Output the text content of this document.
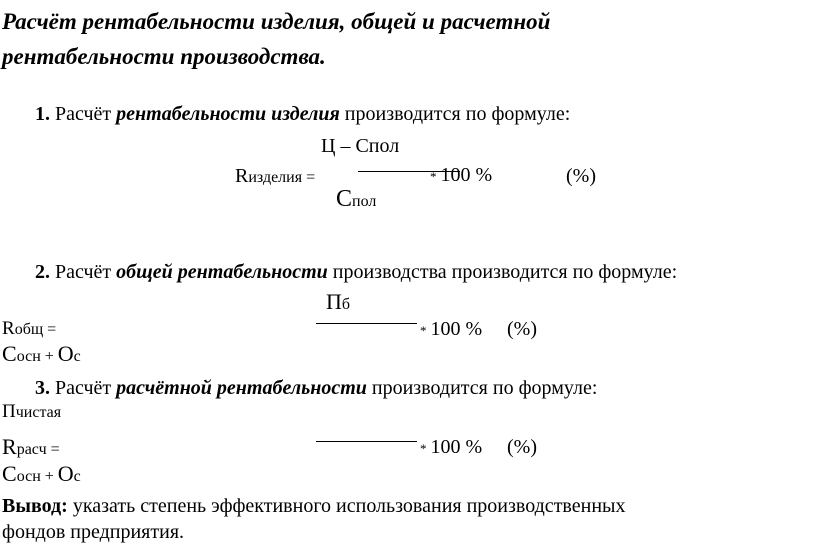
Расчёт рентабельности изделия, общей и расчетной
рентабельности производства.
1. Расчёт рентабельности изделия производится по формуле:
Ц – Спол
Rизделия =	* 100 %	(%)
Спол
2. Расчёт общей рентабельности производства производится по формуле:
Пб
Rобщ =	* 100 % (%)
Сосн + Ос
3. Расчёт расчётной рентабельности производится по формуле:
Пчистая
Rрасч =	* 100 % (%)
Сосн + Ос
Вывод: указать степень эффективного использования производственных
фондов предприятия.
